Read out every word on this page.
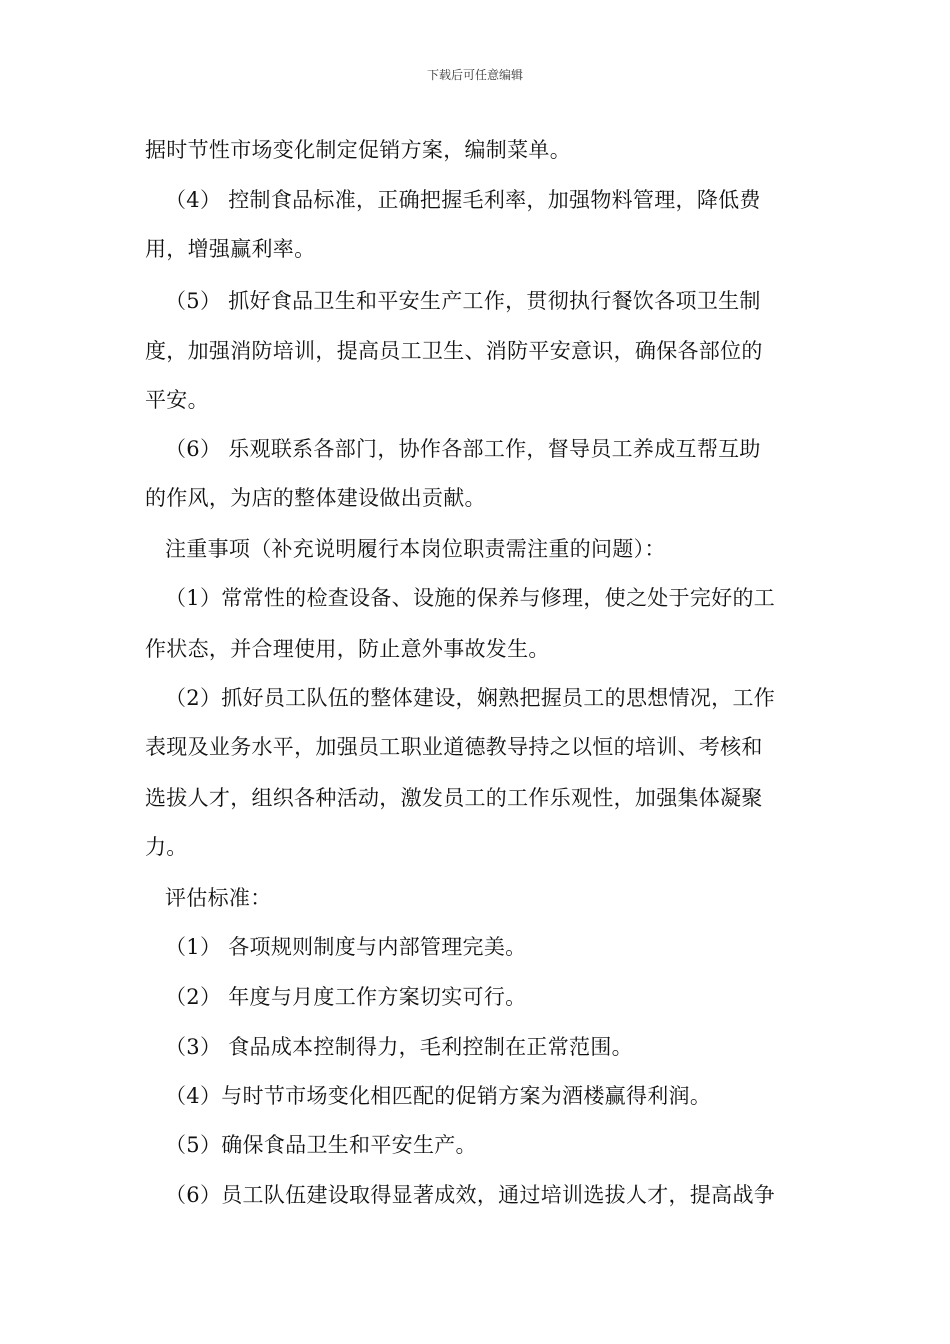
下载后可任意编辑
据时节性市场变化制定促销方案，编制菜单。
（4） 控制食品标准，正确把握毛利率，加强物料管理，降低费
用，增强赢利率。
（5） 抓好食品卫生和平安生产工作，贯彻执行餐饮各项卫生制
度，加强消防培训，提高员工卫生、消防平安意识，确保各部位的
平安。
（6） 乐观联系各部门，协作各部工作，督导员工养成互帮互助
的作风，为店的整体建设做出贡献。
注重事项（补充说明履行本岗位职责需注重的问题）：
（1）常常性的检查设备、设施的保养与修理，使之处于完好的工
作状态，并合理使用，防止意外事故发生。
（2）抓好员工队伍的整体建设，娴熟把握员工的思想情况，工作
表现及业务水平，加强员工职业道德教导持之以恒的培训、考核和
选拔人才，组织各种活动，激发员工的工作乐观性，加强集体凝聚
力。
评估标准：
（1） 各项规则制度与内部管理完美。
（2） 年度与月度工作方案切实可行。
（3） 食品成本控制得力，毛利控制在正常范围。
（4）与时节市场变化相匹配的促销方案为酒楼赢得利润。
（5）确保食品卫生和平安生产。
（6）员工队伍建设取得显著成效，通过培训选拔人才，提高战争
